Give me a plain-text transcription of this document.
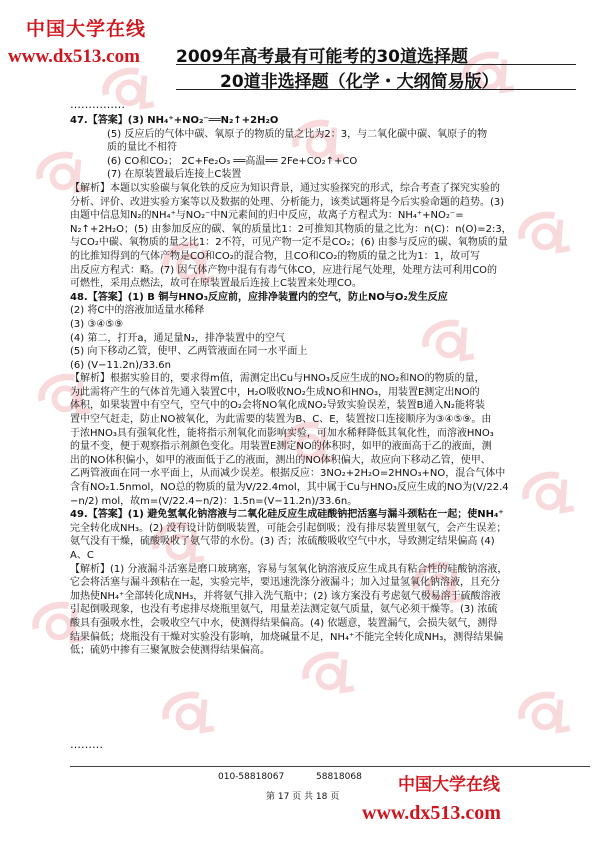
中国大学在线
www.dx513.com 2009年高考最有可能考的30道选择题
20道非选择题（化学・大纲简易版）
……………

47.【答案】(3) NH₄⁺+NO₂⁻══N₂↑+2H₂O

(5) 反应后的气体中碳、氧原子的物质的量之比为2：3，与二氧化碳中碳、氧原子的物

质的量比不相符

(6) CO和CO₂； 2C+Fe₂O₃ ══高温══ 2Fe+CO₂↑+CO

(7) 在原装置最后连接上C装置

【解析】本题以实验碳与氧化铁的反应为知识背景，通过实验探究的形式，综合考查了探究实验的

分析、评价、改进实验方案等以及数据的处理、分析能力，该类试题将是今后实验命题的趋势。(3)

由题中信息知N₂的NH₄⁺与NO₂⁻中N元素间的归中反应，故离子方程式为：NH₄⁺+NO₂⁻=

N₂↑+2H₂O；(5) 由参加反应的碳、氧的质量比1：2可推知其物质的量之比为：n(C)：n(O)=2:3，

与CO₂中碳、氧物质的量之比1：2不符，可见产物一定不是CO₂；(6) 由参与反应的碳、氧物质的量

的比推知得到的气体产物是CO和CO₂的混合物，且CO和CO₂的物质的量之比为1：1，故可写

出反应方程式：略。(7) 因气体产物中混有有毒气体CO，应进行尾气处理，处理方法可利用CO的

可燃性，采用点燃法，故可在原装置最后连接上C装置来处理CO。

48.【答案】(1) B 铜与HNO₃反应前，应排净装置内的空气，防止NO与O₂发生反应

(2) 将C中的溶液加适量水稀释

(3) ③④⑤⑨

(4) 第二，打开a，通足量N₂，排净装置中的空气

(5) 向下移动乙管，使甲、乙两管液面在同一水平面上

(6) (V−11.2n)/33.6n

【解析】根据实验目的，要求得m值，需测定出Cu与HNO₃反应生成的NO₂和NO的物质的量，

为此需将产生的气体首先通入装置C中，H₂O吸收NO₂生成NO和HNO₃，用装置E测定出NO的

体积，如果装置中有空气，空气中的O₂会将NO氧化成NO₂导致实验误差，装置B通入N₂能将装

置中空气赶走，防止NO被氧化，为此需要的装置为B、C、E，装置按口连接顺序为③④⑤⑨。由

于浓HNO₃具有强氧化性，能将指示剂氧化而影响实验，可加水稀释降低其氧化性，而溶液HNO₃

的量不变，便于观察指示剂颜色变化。用装置E测定NO的体积时，如甲的液面高于乙的液面，测

出的NO体积偏小，如甲的液面低于乙的液面，测出的NO体积偏大，故应向下移动乙管，使甲、

乙两管液面在同一水平面上，从而减少误差。根据反应：3NO₂+2H₂O=2HNO₃+NO，混合气体中

含有NO₂1.5nmol，NO总的物质的量为V/22.4mol，其中属于Cu与HNO₃反应生成的NO为(V/22.4

−n/2) mol，故m=(V/22.4−n/2)：1.5n=(V−11.2n)/33.6n。

49.【答案】(1) 避免氢氧化钠溶液与二氧化硅反应生成硅酸钠把活塞与漏斗颈粘在一起；使NH₄⁺

完全转化成NH₃。(2) 没有设计防倒吸装置，可能会引起倒吸；没有排尽装置里氨气，会产生误差；

氨气没有干燥，硫酸吸收了氨气带的水份。(3) 否；浓硫酸吸收空气中水，导致测定结果偏高 (4)

A、C

【解析】(1) 分液漏斗活塞是磨口玻璃塞，容易与氢氧化钠溶液反应生成具有粘合性的硅酸钠溶液，

它会将活塞与漏斗颈粘在一起，实验完毕，要迅速洗涤分液漏斗；加入过量氢氧化钠溶液，且充分

加热使NH₄⁺全部转化成NH₃，并将氨气排入洗气瓶中；(2) 该方案没有考虑氨气极易溶于硫酸溶液

引起倒吸现象，也没有考虑排尽烧瓶里氨气，用量差法测定氨气质量，氨气必须干燥等。(3) 浓硫

酸具有强吸水性，会吸收空气中水，使测得结果偏高。(4) 依题意，装置漏气，会损失氨气，测得

结果偏低；烧瓶没有干燥对实验没有影响，加烧碱量不足，NH₄⁺不能完全转化成NH₃，测得结果偏

低；硫奶中掺有三聚氰胺会使测得结果偏高。

………
010-58818067	58818068
第 17 页 共 18 页
中国大学在线
www.dx513.com
